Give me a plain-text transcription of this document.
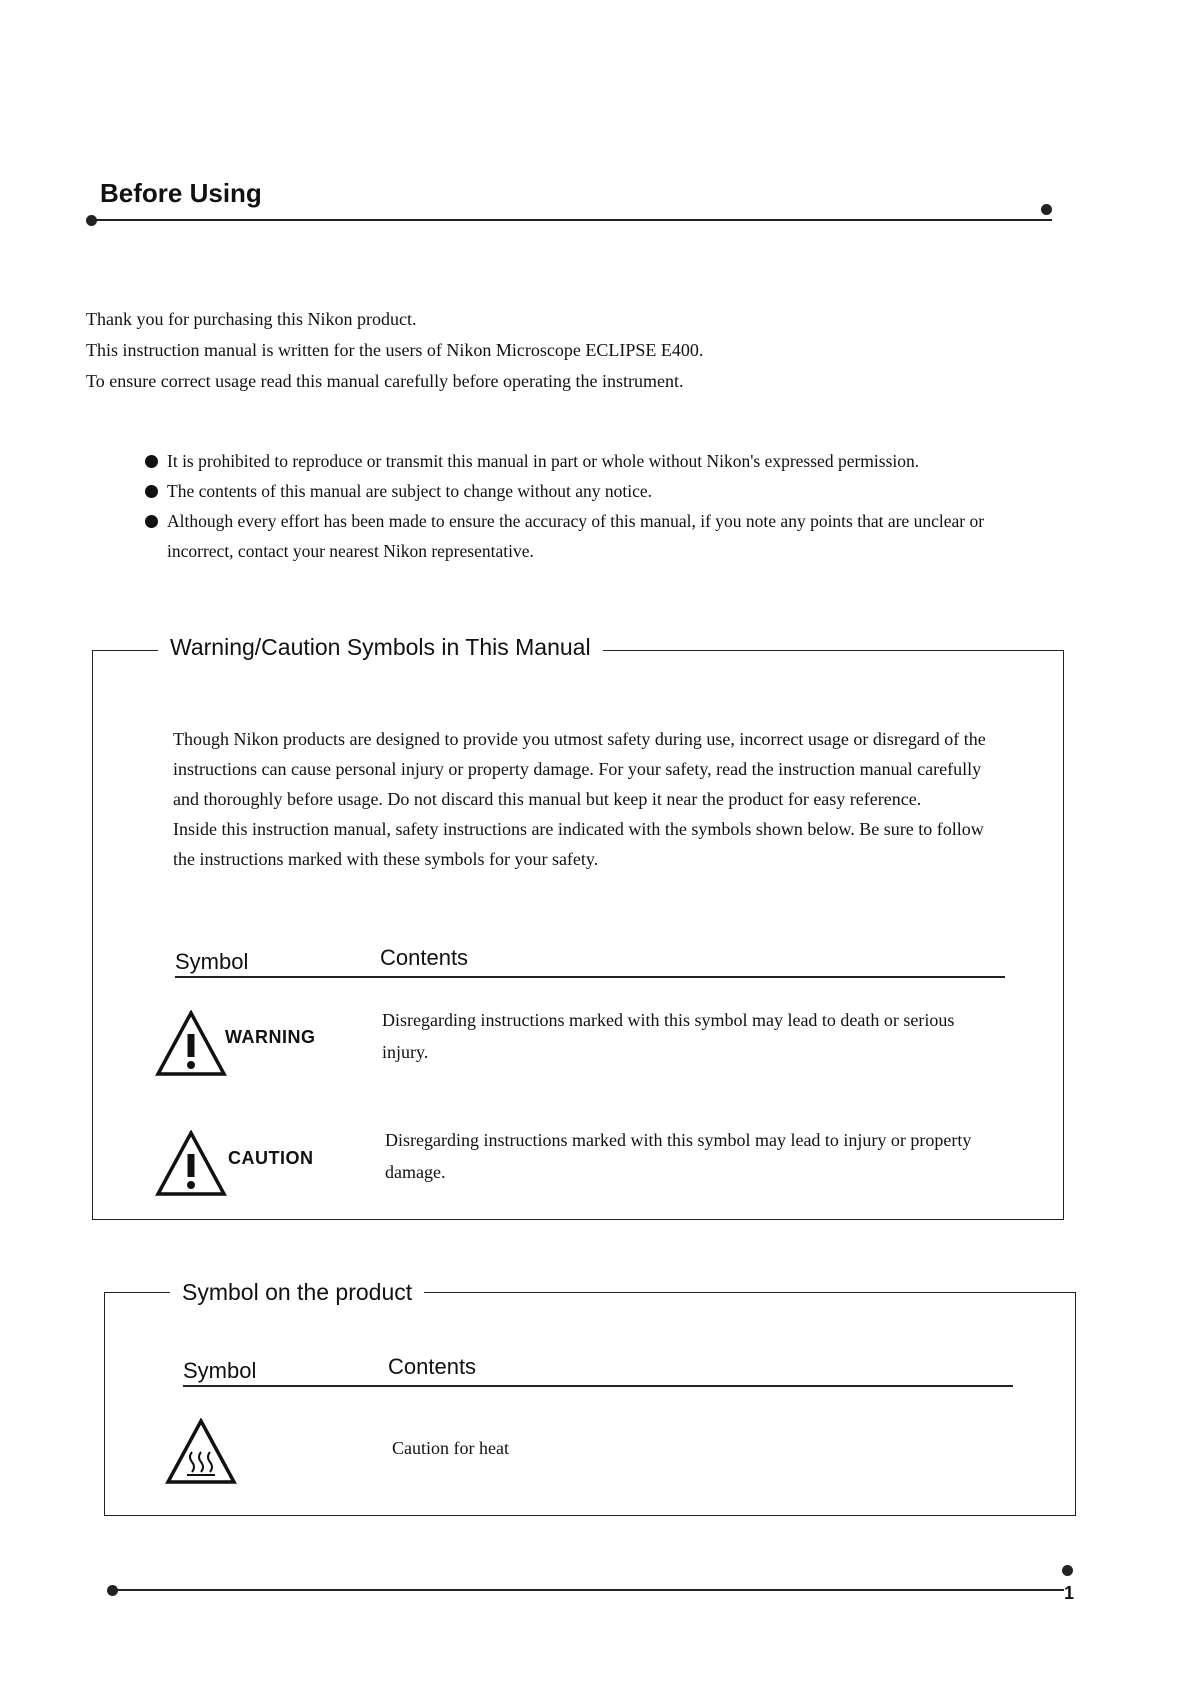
Before Using
Thank you for purchasing this Nikon product.
This instruction manual is written for the users of Nikon Microscope ECLIPSE E400.
To ensure correct usage read this manual carefully before operating the instrument.
It is prohibited to reproduce or transmit this manual in part or whole without Nikon's expressed permission.
The contents of this manual are subject to change without any notice.
Although every effort has been made to ensure the accuracy of this manual, if you note any points that are unclear or incorrect, contact your nearest Nikon representative.
Warning/Caution Symbols in This Manual
Though Nikon products are designed to provide you utmost safety during use, incorrect usage or disregard of the instructions can cause personal injury or property damage. For your safety, read the instruction manual carefully and thoroughly before usage. Do not discard this manual but keep it near the product for easy reference.
Inside this instruction manual, safety instructions are indicated with the symbols shown below. Be sure to follow the instructions marked with these symbols for your safety.
Symbol	Contents
WARNING
Disregarding instructions marked with this symbol may lead to death or serious injury.
CAUTION
Disregarding instructions marked with this symbol may lead to injury or property damage.
Symbol on the product
Symbol	Contents
Caution for heat
1
